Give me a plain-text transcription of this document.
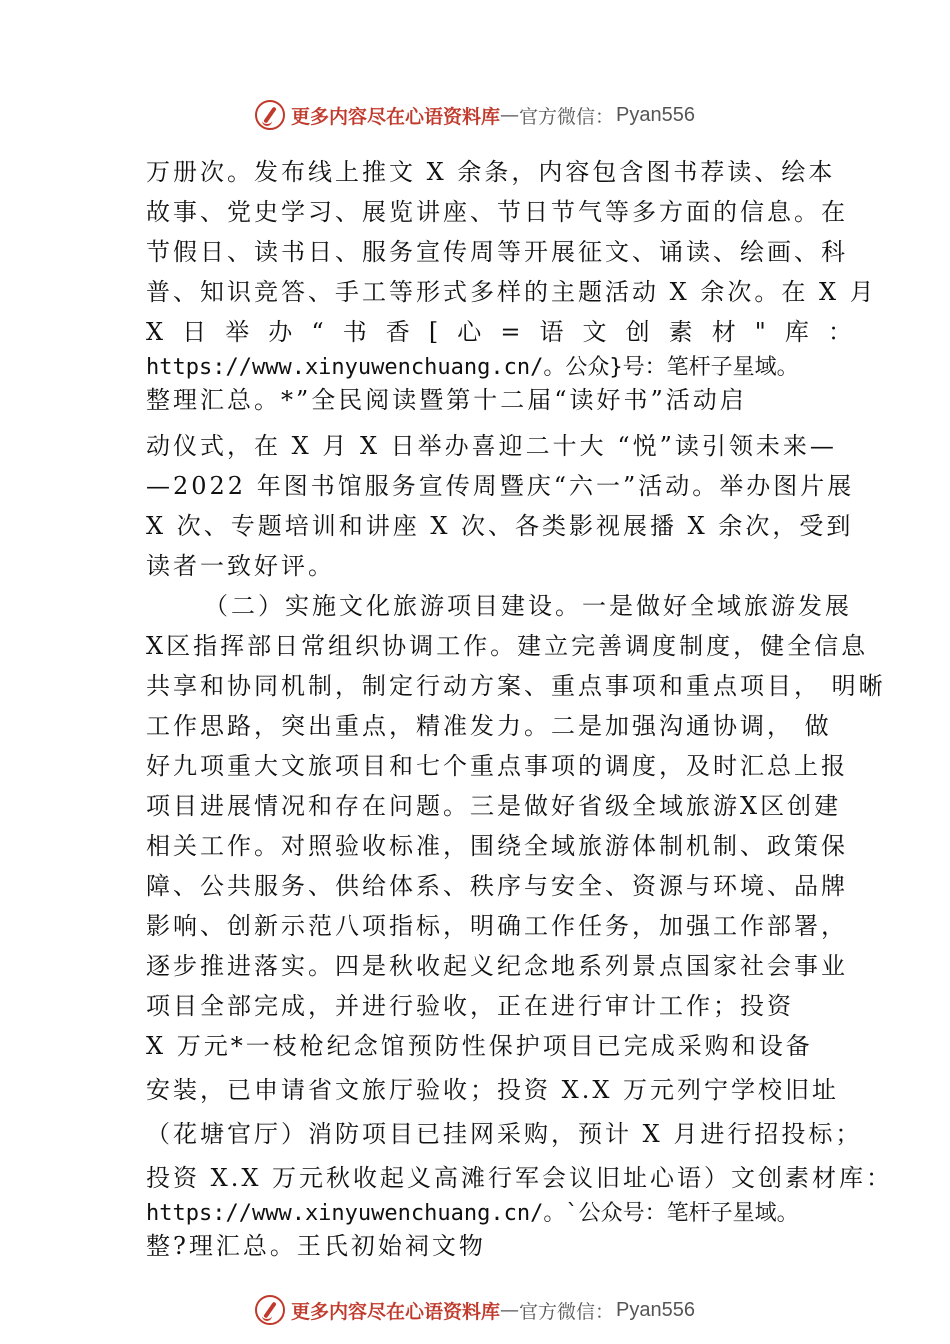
更多内容尽在心语资料库 — 官方微信： Pyan556
万册次。发布线上推文 X 余条，内容包含图书荐读、绘本
故事、党史学习、展览讲座、节日节气等多方面的信息。在
节假日、读书日、服务宣传周等开展征文、诵读、绘画、科
普、知识竞答、手工等形式多样的主题活动 X 余次。在 X 月
X 日 举 办 “ 书 香 [ 心 = 语 文 创 素 材 " 库 ：
https://www.xinyuwenchuang.cn/。公众}号：笔杆子星域。
整理汇总。*”全民阅读暨第十二届“读好书”活动启
动仪式，在 X 月 X 日举办喜迎二十大 “悦”读引领未来—
—2022 年图书馆服务宣传周暨庆“六一”活动。举办图片展
X 次、专题培训和讲座 X 次、各类影视展播 X 余次，受到
读者一致好评。
（二）实施文化旅游项目建设。一是做好全域旅游发展
X区指挥部日常组织协调工作。建立完善调度制度，健全信息
共享和协同机制，制定行动方案、重点事项和重点项目， 明晰
工作思路，突出重点，精准发力。二是加强沟通协调， 做
好九项重大文旅项目和七个重点事项的调度，及时汇总上报
项目进展情况和存在问题。三是做好省级全域旅游X区创建
相关工作。对照验收标准，围绕全域旅游体制机制、政策保
障、公共服务、供给体系、秩序与安全、资源与环境、品牌
影响、创新示范八项指标，明确工作任务，加强工作部署，
逐步推进落实。四是秋收起义纪念地系列景点国家社会事业
项目全部完成，并进行验收，正在进行审计工作；投资
X 万元*一枝枪纪念馆预防性保护项目已完成采购和设备
安装，已申请省文旅厅验收；投资 X.X 万元列宁学校旧址
（花塘官厅）消防项目已挂网采购，预计 X 月进行招投标；
投资 X.X 万元秋收起义高滩行军会议旧址心语）文创素材库：
https://www.xinyuwenchuang.cn/。`公众号：笔杆子星域。
整?理汇总。王氏初始祠文物
更多内容尽在心语资料库 — 官方微信： Pyan556
